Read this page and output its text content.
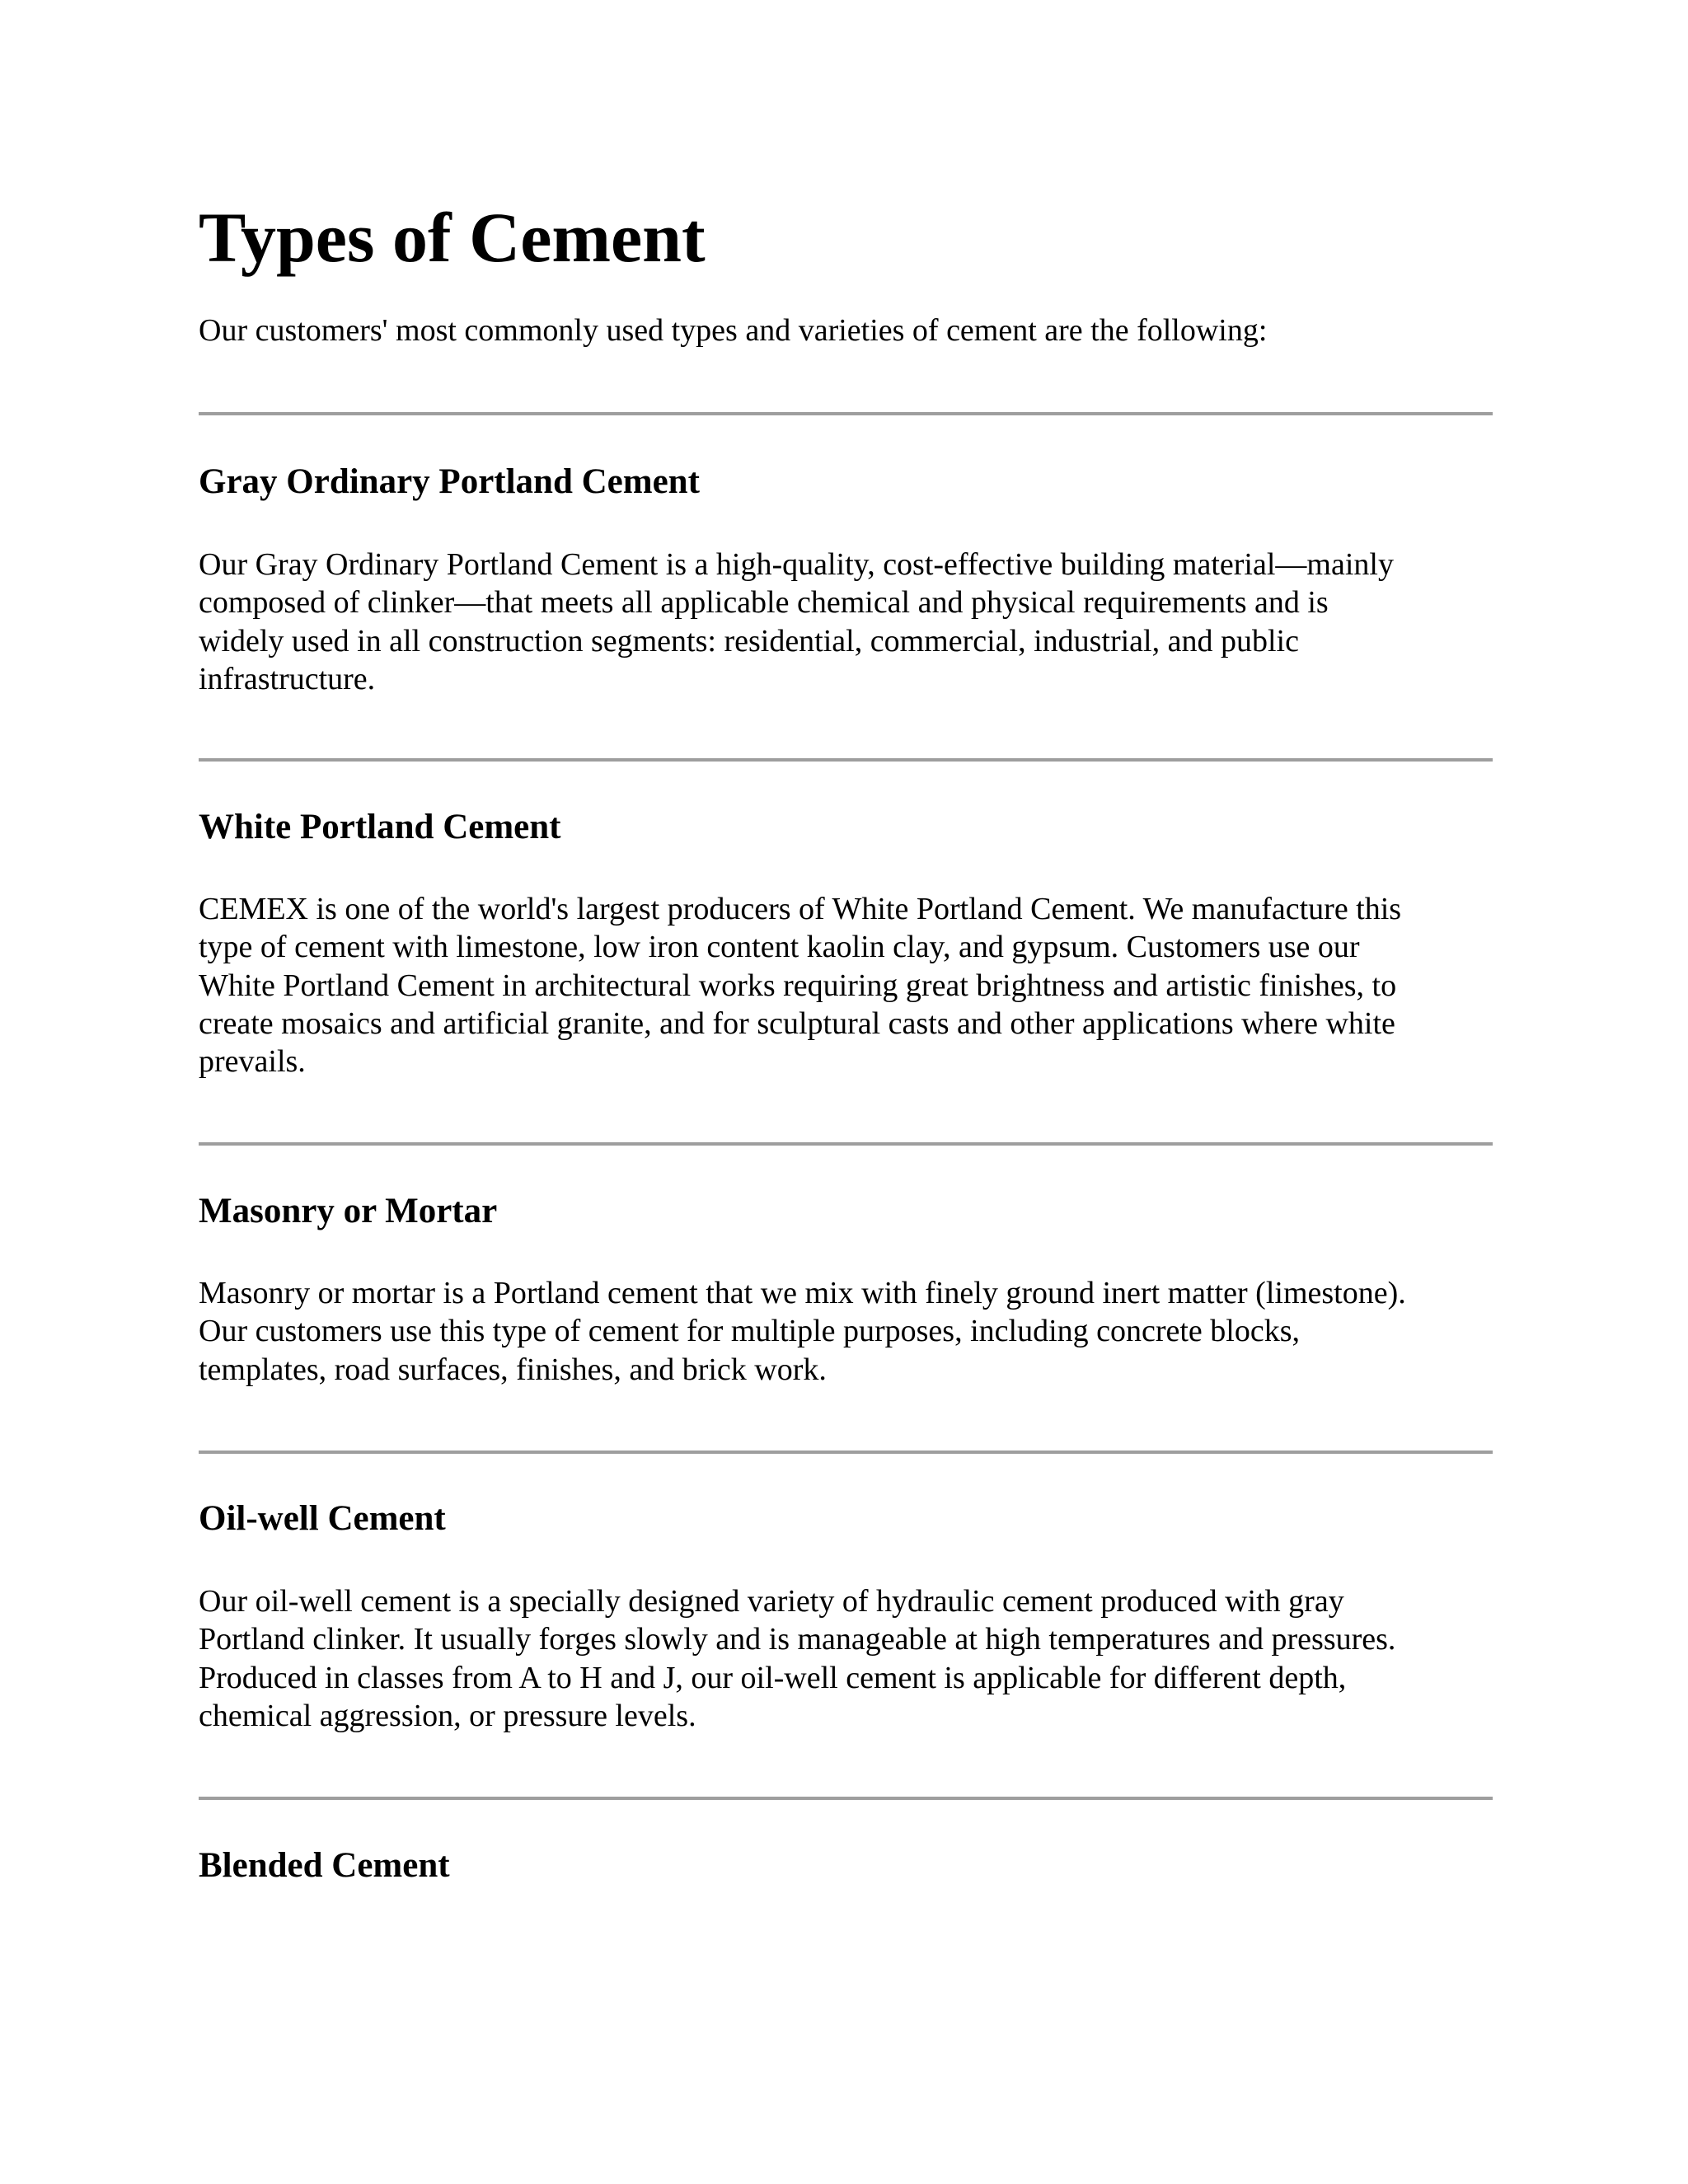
Types of Cement

Our customers' most commonly used types and varieties of cement are the following:

Gray Ordinary Portland Cement

Our Gray Ordinary Portland Cement is a high-quality, cost-effective building material—mainly
composed of clinker—that meets all applicable chemical and physical requirements and is
widely used in all construction segments: residential, commercial, industrial, and public
infrastructure.

White Portland Cement

CEMEX is one of the world's largest producers of White Portland Cement. We manufacture this
type of cement with limestone, low iron content kaolin clay, and gypsum. Customers use our
White Portland Cement in architectural works requiring great brightness and artistic finishes, to
create mosaics and artificial granite, and for sculptural casts and other applications where white
prevails.

Masonry or Mortar

Masonry or mortar is a Portland cement that we mix with finely ground inert matter (limestone).
Our customers use this type of cement for multiple purposes, including concrete blocks,
templates, road surfaces, finishes, and brick work.

Oil-well Cement

Our oil-well cement is a specially designed variety of hydraulic cement produced with gray
Portland clinker. It usually forges slowly and is manageable at high temperatures and pressures.
Produced in classes from A to H and J, our oil-well cement is applicable for different depth,
chemical aggression, or pressure levels.

Blended Cement
